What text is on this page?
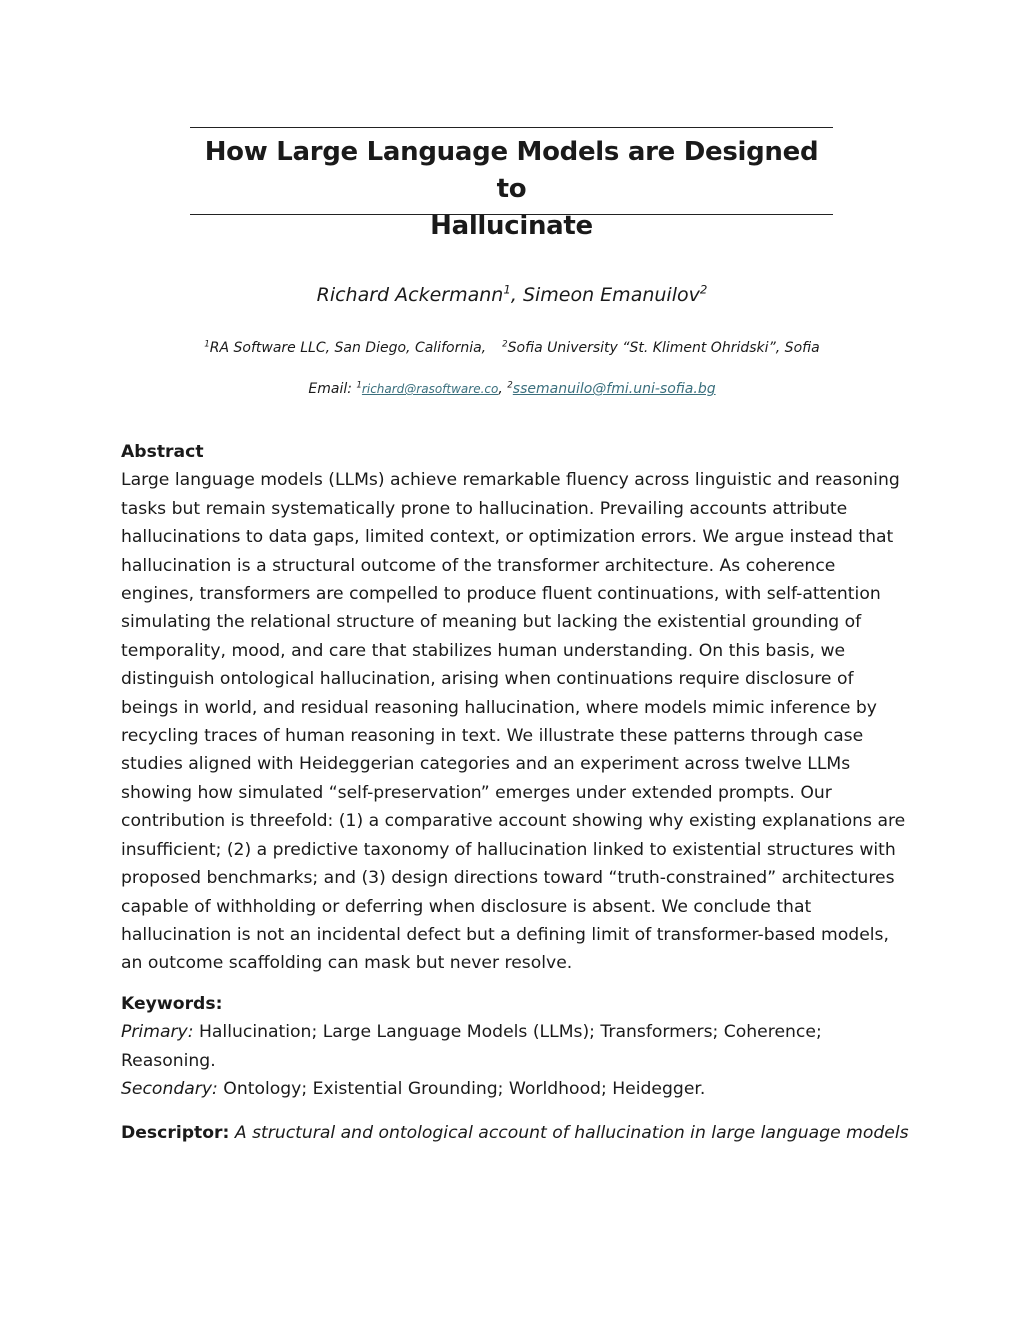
How Large Language Models are Designed to
Hallucinate
Richard Ackermann$^1$, Simeon Emanuilov$^2$
$^1$RA Software LLC, San Diego, California, $^2$Sofia University “St. Kliment Ohridski”, Sofia
Email: $^1$richard@rasoftware.co, $^2$ssemanuilo@fmi.uni-sofia.bg

Abstract

Large language models (LLMs) achieve remarkable fluency across linguistic and reasoning
tasks but remain systematically prone to hallucination. Prevailing accounts attribute
hallucinations to data gaps, limited context, or optimization errors. We argue instead that
hallucination is a structural outcome of the transformer architecture. As coherence
engines, transformers are compelled to produce fluent continuations, with self-attention
simulating the relational structure of meaning but lacking the existential grounding of
temporality, mood, and care that stabilizes human understanding. On this basis, we
distinguish ontological hallucination, arising when continuations require disclosure of
beings in world, and residual reasoning hallucination, where models mimic inference by
recycling traces of human reasoning in text. We illustrate these patterns through case
studies aligned with Heideggerian categories and an experiment across twelve LLMs
showing how simulated “self-preservation” emerges under extended prompts. Our
contribution is threefold: (1) a comparative account showing why existing explanations are
insufficient; (2) a predictive taxonomy of hallucination linked to existential structures with
proposed benchmarks; and (3) design directions toward “truth-constrained” architectures
capable of withholding or deferring when disclosure is absent. We conclude that
hallucination is not an incidental defect but a defining limit of transformer-based models,
an outcome scaffolding can mask but never resolve.

Keywords:

Primary: Hallucination; Large Language Models (LLMs); Transformers; Coherence;
Reasoning.
Secondary: Ontology; Existential Grounding; Worldhood; Heidegger.

Descriptor: A structural and ontological account of hallucination in large language models
